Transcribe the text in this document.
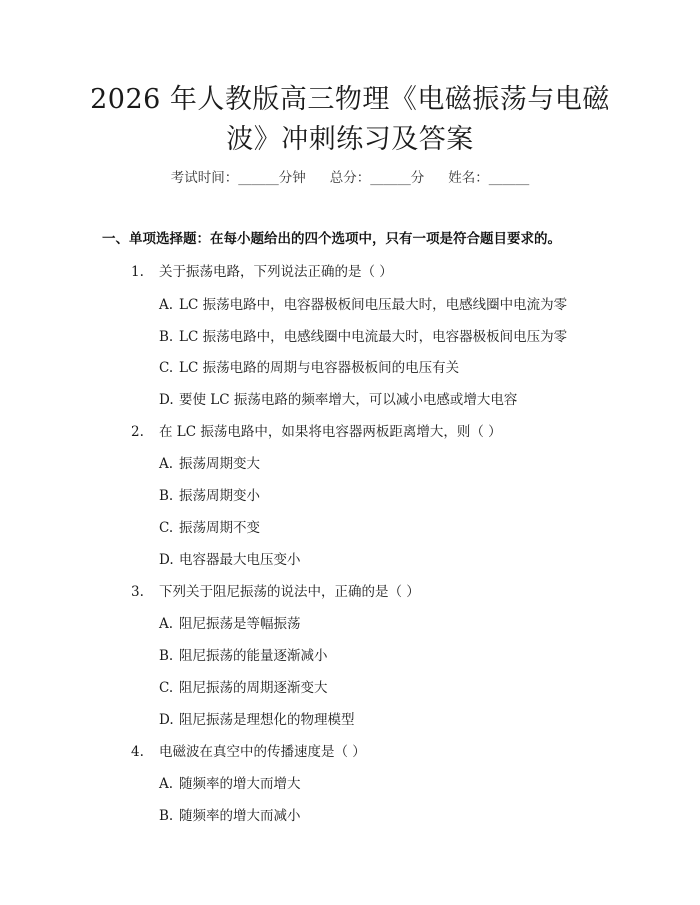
2026 年人教版高三物理《电磁振荡与电磁
波》冲刺练习及答案
考试时间：______分钟 总分：______分 姓名：______
一、单项选择题：在每小题给出的四个选项中，只有一项是符合题目要求的。
1. 关于振荡电路，下列说法正确的是（ ）
A. LC 振荡电路中，电容器极板间电压最大时，电感线圈中电流为零
B. LC 振荡电路中，电感线圈中电流最大时，电容器极板间电压为零
C. LC 振荡电路的周期与电容器极板间的电压有关
D. 要使 LC 振荡电路的频率增大，可以减小电感或增大电容
2. 在 LC 振荡电路中，如果将电容器两板距离增大，则（ ）
A. 振荡周期变大
B. 振荡周期变小
C. 振荡周期不变
D. 电容器最大电压变小
3. 下列关于阻尼振荡的说法中，正确的是（ ）
A. 阻尼振荡是等幅振荡
B. 阻尼振荡的能量逐渐减小
C. 阻尼振荡的周期逐渐变大
D. 阻尼振荡是理想化的物理模型
4. 电磁波在真空中的传播速度是（ ）
A. 随频率的增大而增大
B. 随频率的增大而减小
